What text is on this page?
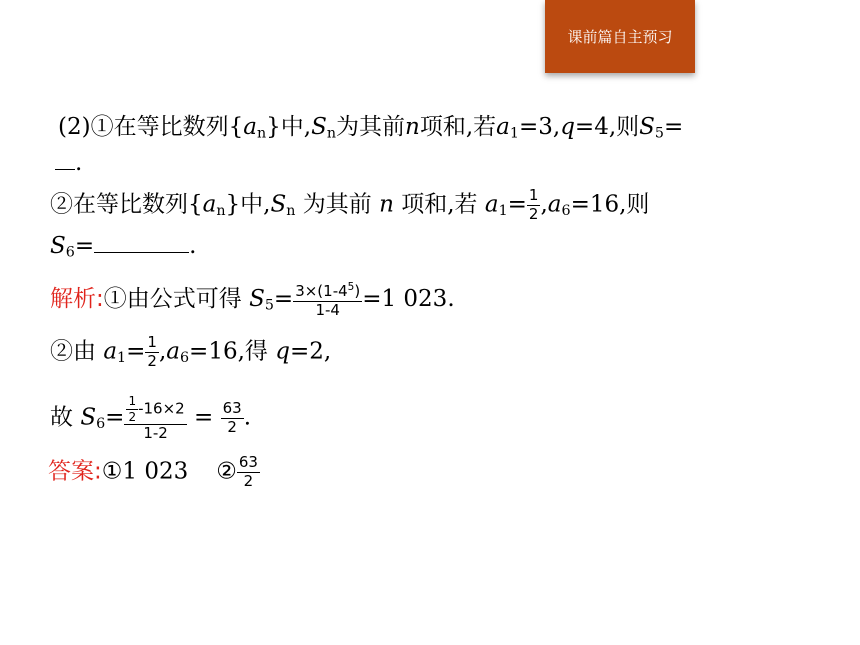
课前篇自主预习
(2)①在等比数列{an}中,Sn为其前n项和,若a1=3,q=4,则S5=
.
②在等比数列{an}中,Sn 为其前 n 项和,若 $a1= \frac{1}{2} ,a6=16$,则
S6=	.
解析:①由公式可得 $S5= \frac{3\times(1-4^5)}{1-4} =1$ 023.
②由 $a1= \frac{1}{2} ,a6=16$,得 q=2,
故 $S6= \frac{\frac{1}{2} -16\times 2}{1-2} = \frac{63}{2}$ .
答案:①1 023 ② $\frac{63}{2}$
